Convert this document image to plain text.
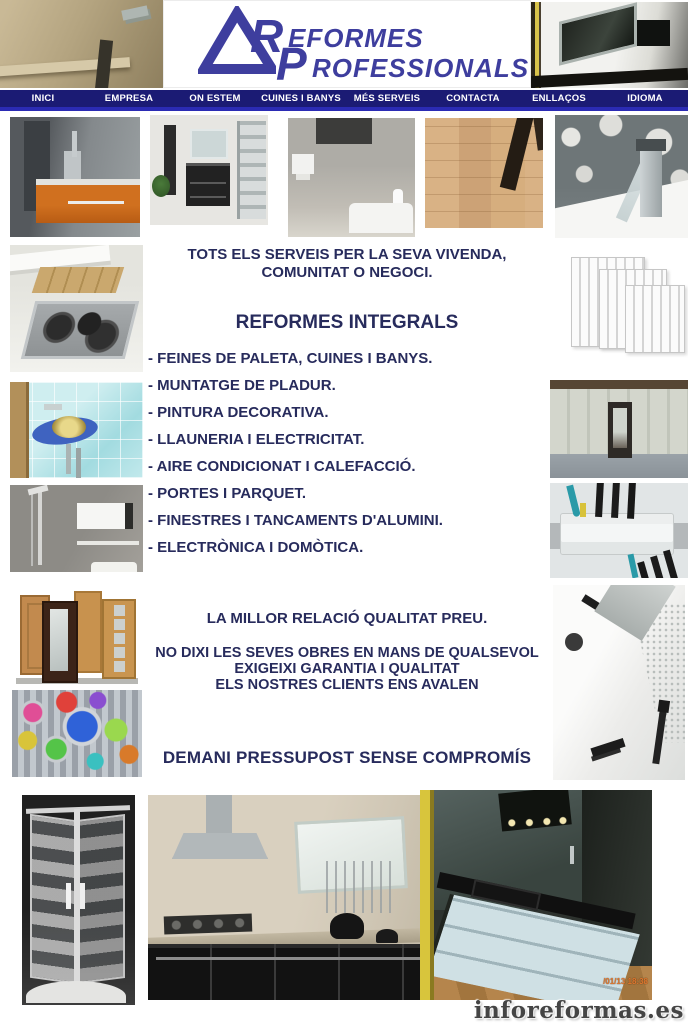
R EFORMES
P ROFESSIONALS
INICI	EMPRESA	ON ESTEM	CUINES I BANYS	MÉS SERVEIS	CONTACTA	ENLLAÇOS	IDIOMA
TOTS ELS SERVEIS PER LA SEVA VIVENDA,
COMUNITAT O NEGOCI.
REFORMES INTEGRALS
- FEINES DE PALETA, CUINES I BANYS.
- MUNTATGE DE PLADUR.
- PINTURA DECORATIVA.
- LLAUNERIA I ELECTRICITAT.
- AIRE CONDICIONAT I CALEFACCIÓ.
- PORTES I PARQUET.
- FINESTRES I TANCAMENTS D'ALUMINI.
- ELECTRÒNICA I DOMÒTICA.
LA MILLOR RELACIÓ QUALITAT PREU.
NO DIXI LES SEVES OBRES EN MANS DE QUALSEVOL
EXIGEIXI GARANTIA I QUALITAT
ELS NOSTRES CLIENTS ENS AVALEN
DEMANI PRESSUPOST SENSE COMPROMÍS
/01/13 18:38
inforeformas.es
